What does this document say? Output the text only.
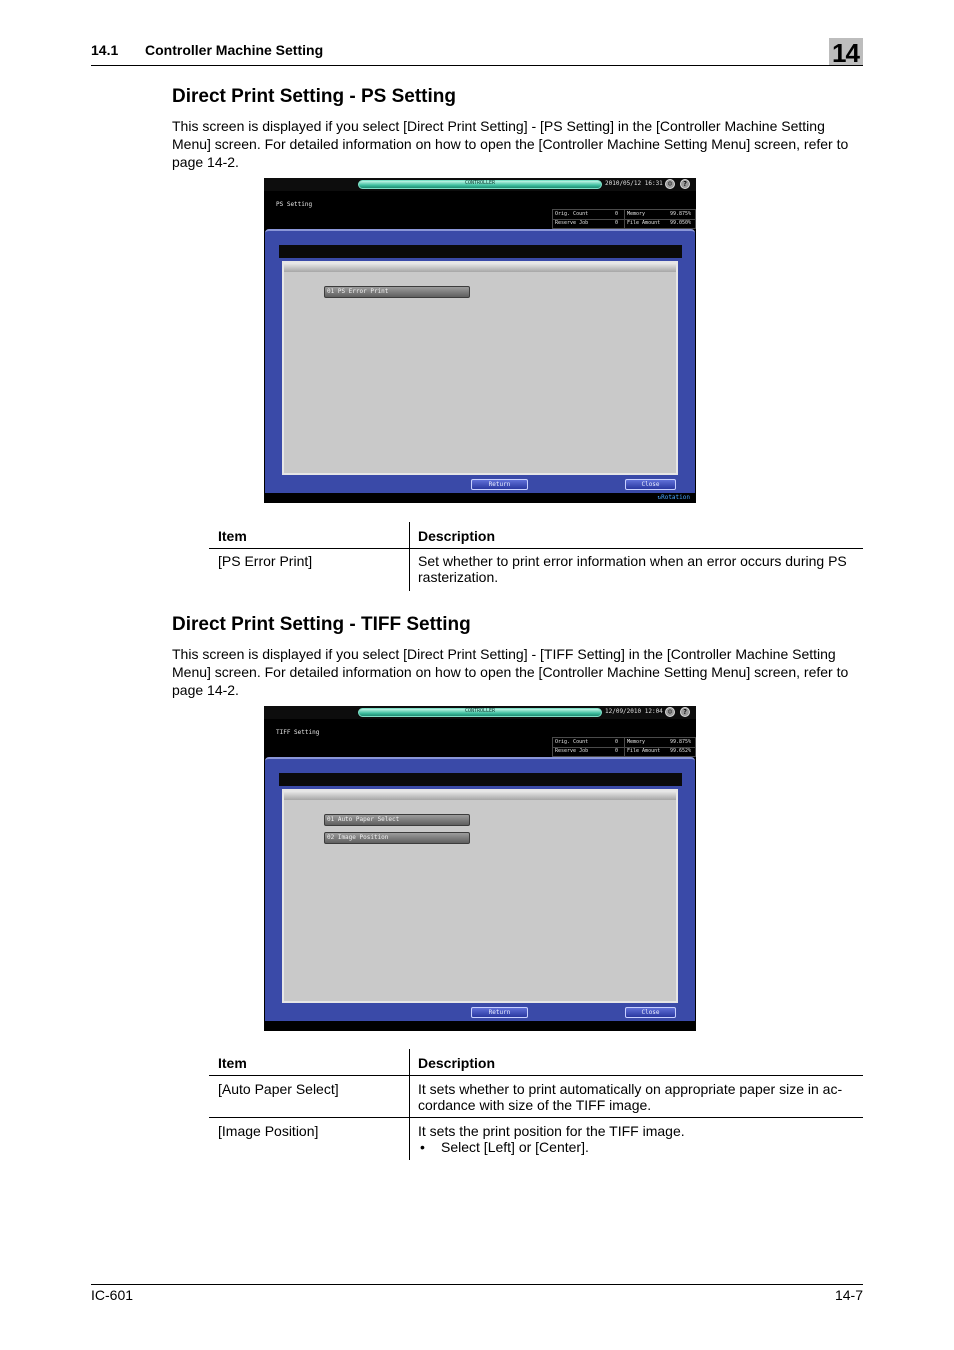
14.1 Controller Machine Setting	14
Direct Print Setting - PS Setting
This screen is displayed if you select [Direct Print Setting] - [PS Setting] in the [Controller Machine Setting Menu] screen. For detailed information on how to open the [Controller Machine Setting Menu] screen, refer to page 14-2.
CONTROLLER	2010/05/12 16:31 ☺ ?
PS Setting
Orig. Count	0 Memory	99.875%
Reserve Job	0 File Amount 99.050%
01 PS Error Print
Return	Close
↻Rotation
Item	Description
[PS Error Print]	Set whether to print error information when an error occurs during PS rasterization.
Direct Print Setting - TIFF Setting
This screen is displayed if you select [Direct Print Setting] - [TIFF Setting] in the [Controller Machine Setting Menu] screen. For detailed information on how to open the [Controller Machine Setting Menu] screen, refer to page 14-2.
CONTROLLER	12/09/2010 12:04 ☺ ?
TIFF Setting
Orig. Count	0 Memory	99.875%
Reserve Job	0 File Amount 99.652%
01 Auto Paper Select
02 Image Position
Return	Close
Item	Description
[Auto Paper Select]	It sets whether to print automatically on appropriate paper size in ac-cordance with size of the TIFF image.
[Image Position]	It sets the print position for the TIFF image.
• Select [Left] or [Center].
IC-601	14-7
